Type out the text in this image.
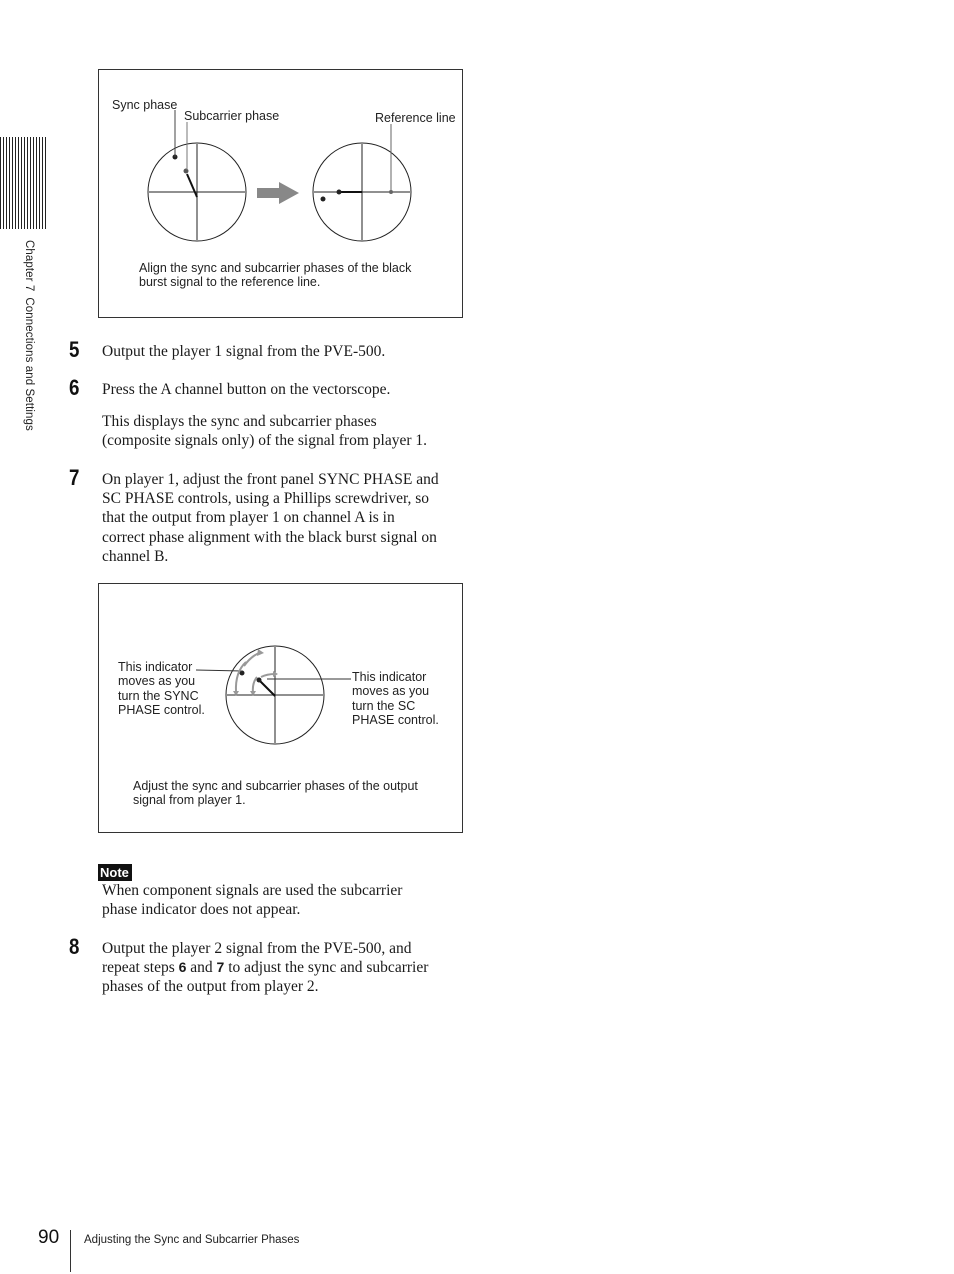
Chapter 7Connections and Settings
Sync phase
Subcarrier phase	Reference line
Align the sync and subcarrier phases of the black
burst signal to the reference line.
5 Output the player 1 signal from the PVE-500.
6 Press the A channel button on the vectorscope.
This displays the sync and subcarrier phases
(composite signals only) of the signal from player 1.
7 On player 1, adjust the front panel SYNC PHASE and
SC PHASE controls, using a Phillips screwdriver, so
that the output from player 1 on channel A is in
correct phase alignment with the black burst signal on
channel B.
This indicator
moves as you
turn the SYNC
PHASE control.
This indicator
moves as you
turn the SC
PHASE control.
Adjust the sync and subcarrier phases of the output
signal from player 1.
Note
When component signals are used the subcarrier
phase indicator does not appear.
8 Output the player 2 signal from the PVE-500, and
repeat steps 6 and 7 to adjust the sync and subcarrier
phases of the output from player 2.
90 Adjusting the Sync and Subcarrier Phases
